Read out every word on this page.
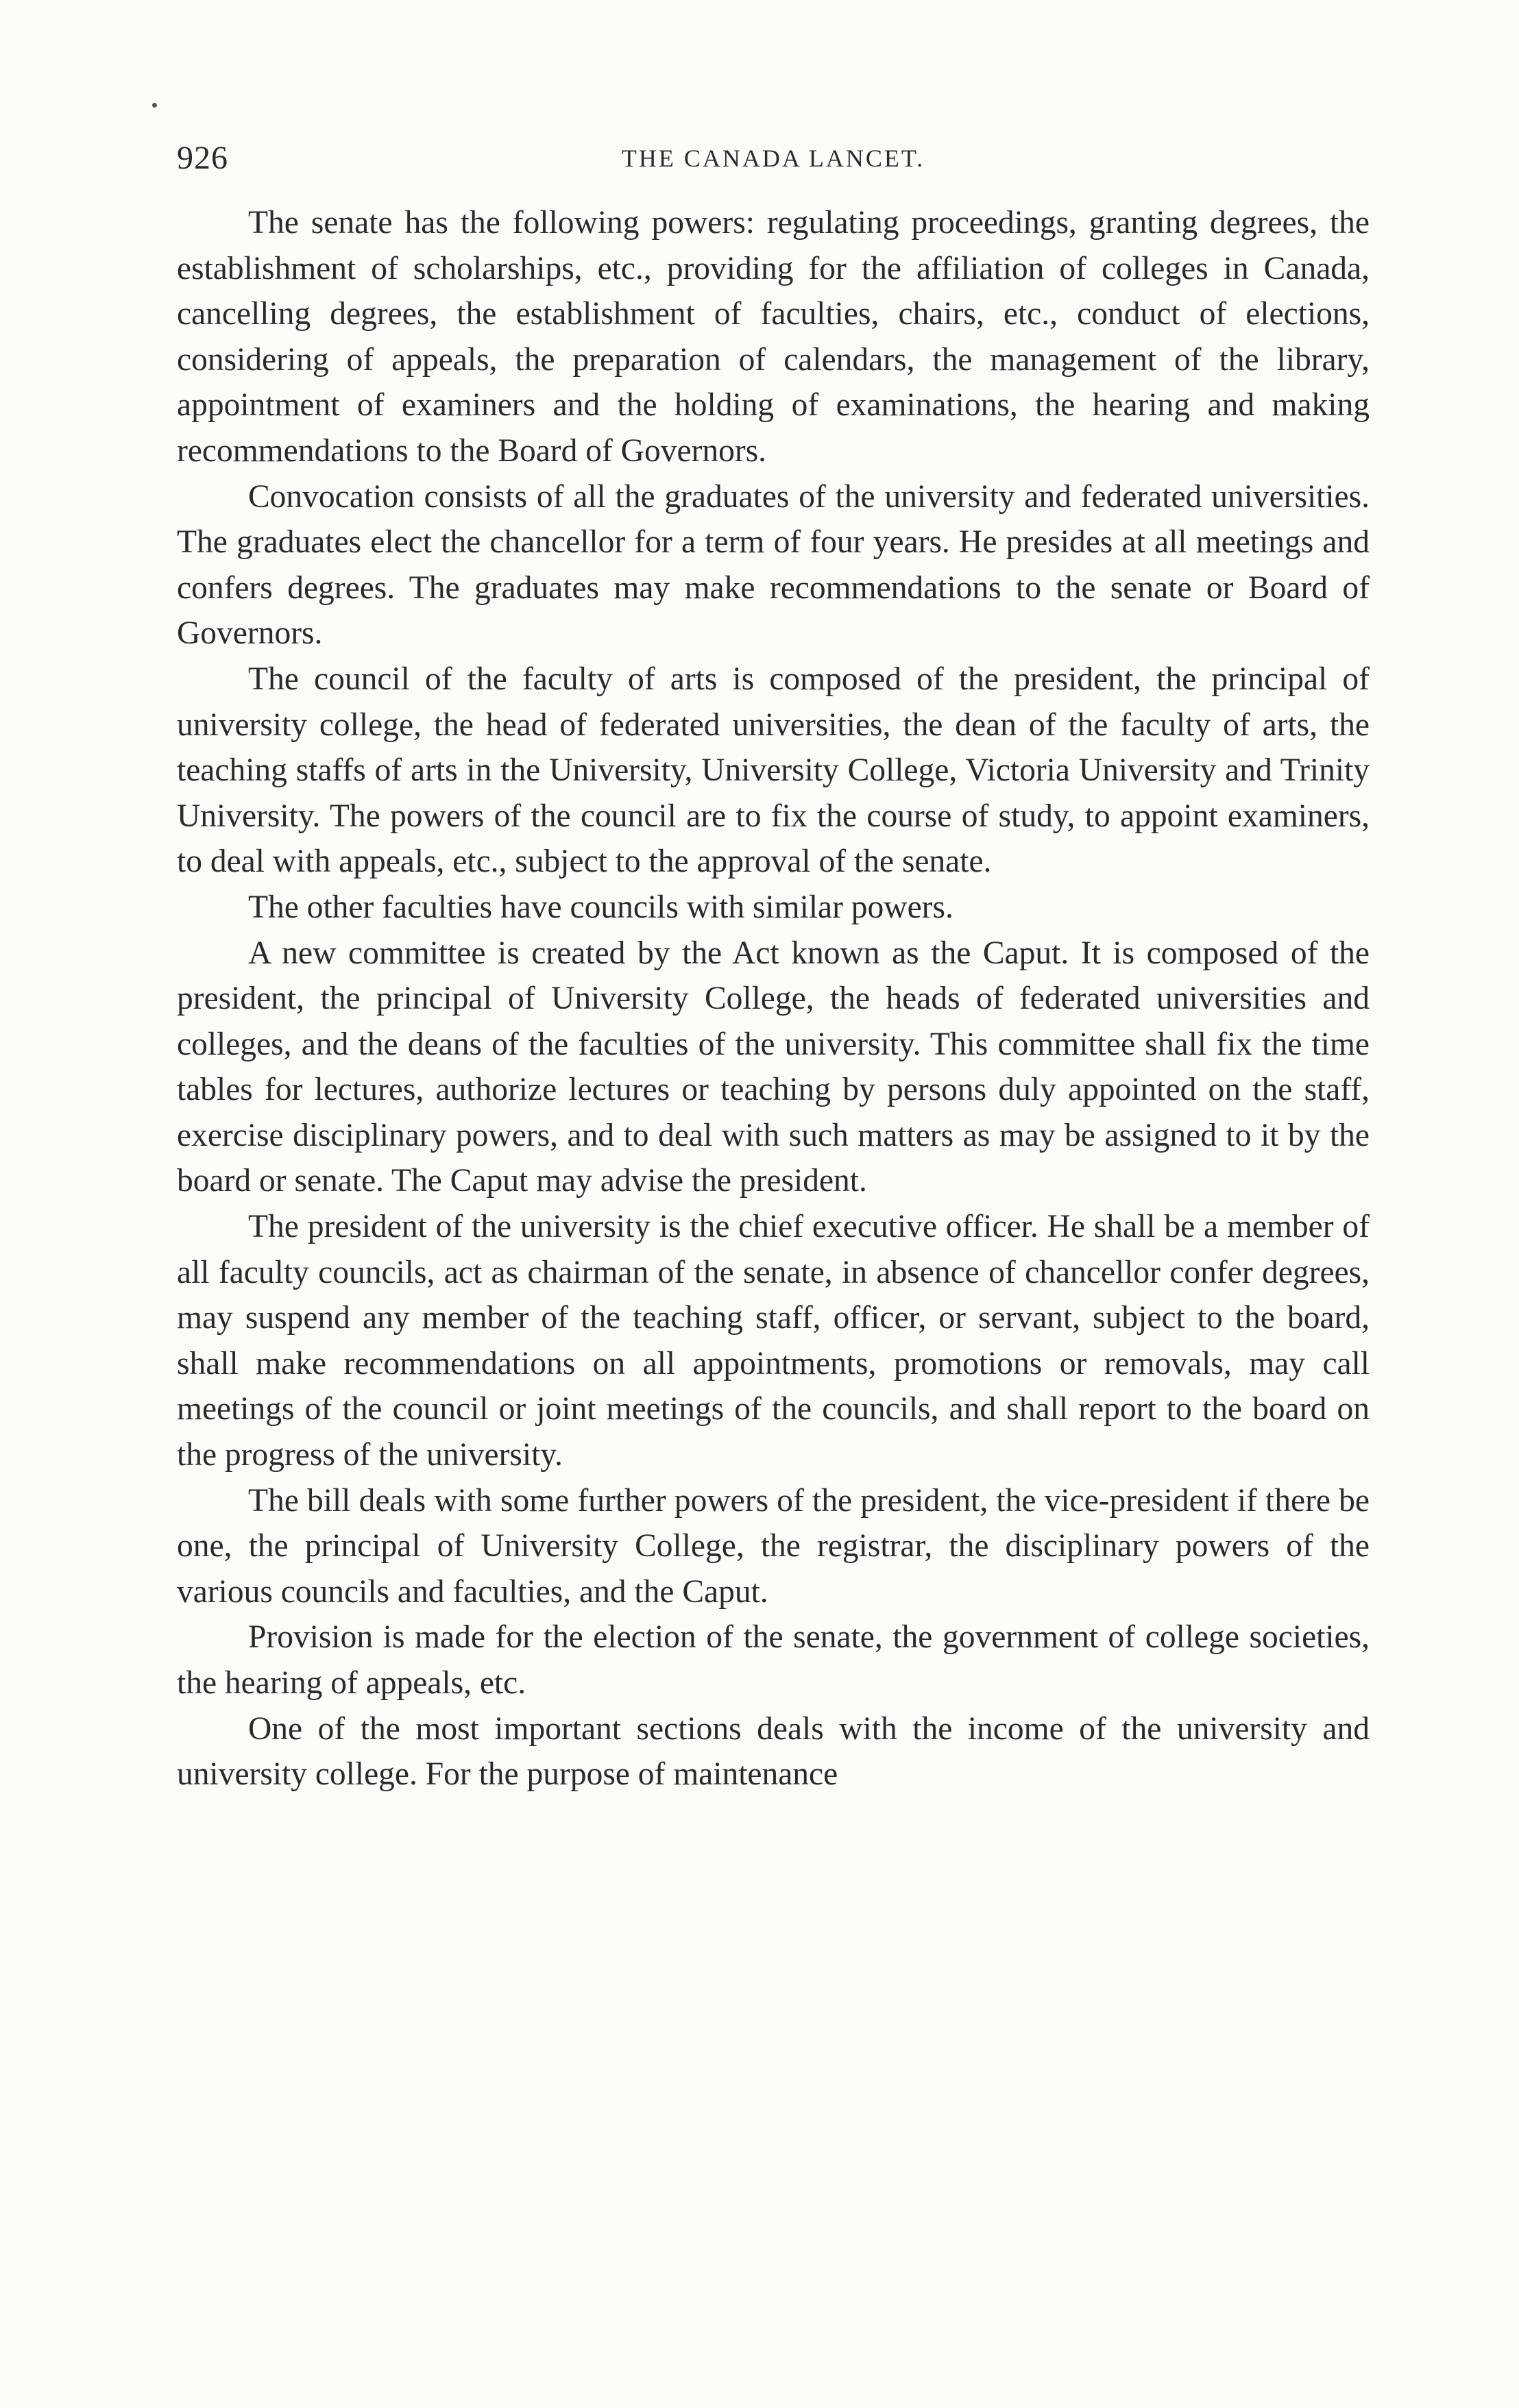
926	THE CANADA LANCET.

The senate has the following powers: regulating proceedings, granting degrees, the establishment of scholarships, etc., providing for the affiliation of colleges in Canada, cancelling degrees, the establishment of faculties, chairs, etc., conduct of elections, considering of appeals, the preparation of calendars, the management of the library, appointment of examiners and the holding of examinations, the hearing and making recommendations to the Board of Governors.

Convocation consists of all the graduates of the university and federated universities. The graduates elect the chancellor for a term of four years. He presides at all meetings and confers degrees. The graduates may make recommendations to the senate or Board of Governors.

The council of the faculty of arts is composed of the president, the principal of university college, the head of federated universities, the dean of the faculty of arts, the teaching staffs of arts in the University, University College, Victoria University and Trinity University. The powers of the council are to fix the course of study, to appoint examiners, to deal with appeals, etc., subject to the approval of the senate.

The other faculties have councils with similar powers.

A new committee is created by the Act known as the Caput. It is composed of the president, the principal of University College, the heads of federated universities and colleges, and the deans of the faculties of the university. This committee shall fix the time tables for lectures, authorize lectures or teaching by persons duly appointed on the staff, exercise disciplinary powers, and to deal with such matters as may be assigned to it by the board or senate. The Caput may advise the president.

The president of the university is the chief executive officer. He shall be a member of all faculty councils, act as chairman of the senate, in absence of chancellor confer degrees, may suspend any member of the teaching staff, officer, or servant, subject to the board, shall make recommendations on all appointments, promotions or removals, may call meetings of the council or joint meetings of the councils, and shall report to the board on the progress of the university.

The bill deals with some further powers of the president, the vice-president if there be one, the principal of University College, the registrar, the disciplinary powers of the various councils and faculties, and the Caput.

Provision is made for the election of the senate, the government of college societies, the hearing of appeals, etc.

One of the most important sections deals with the income of the university and university college. For the purpose of maintenance
